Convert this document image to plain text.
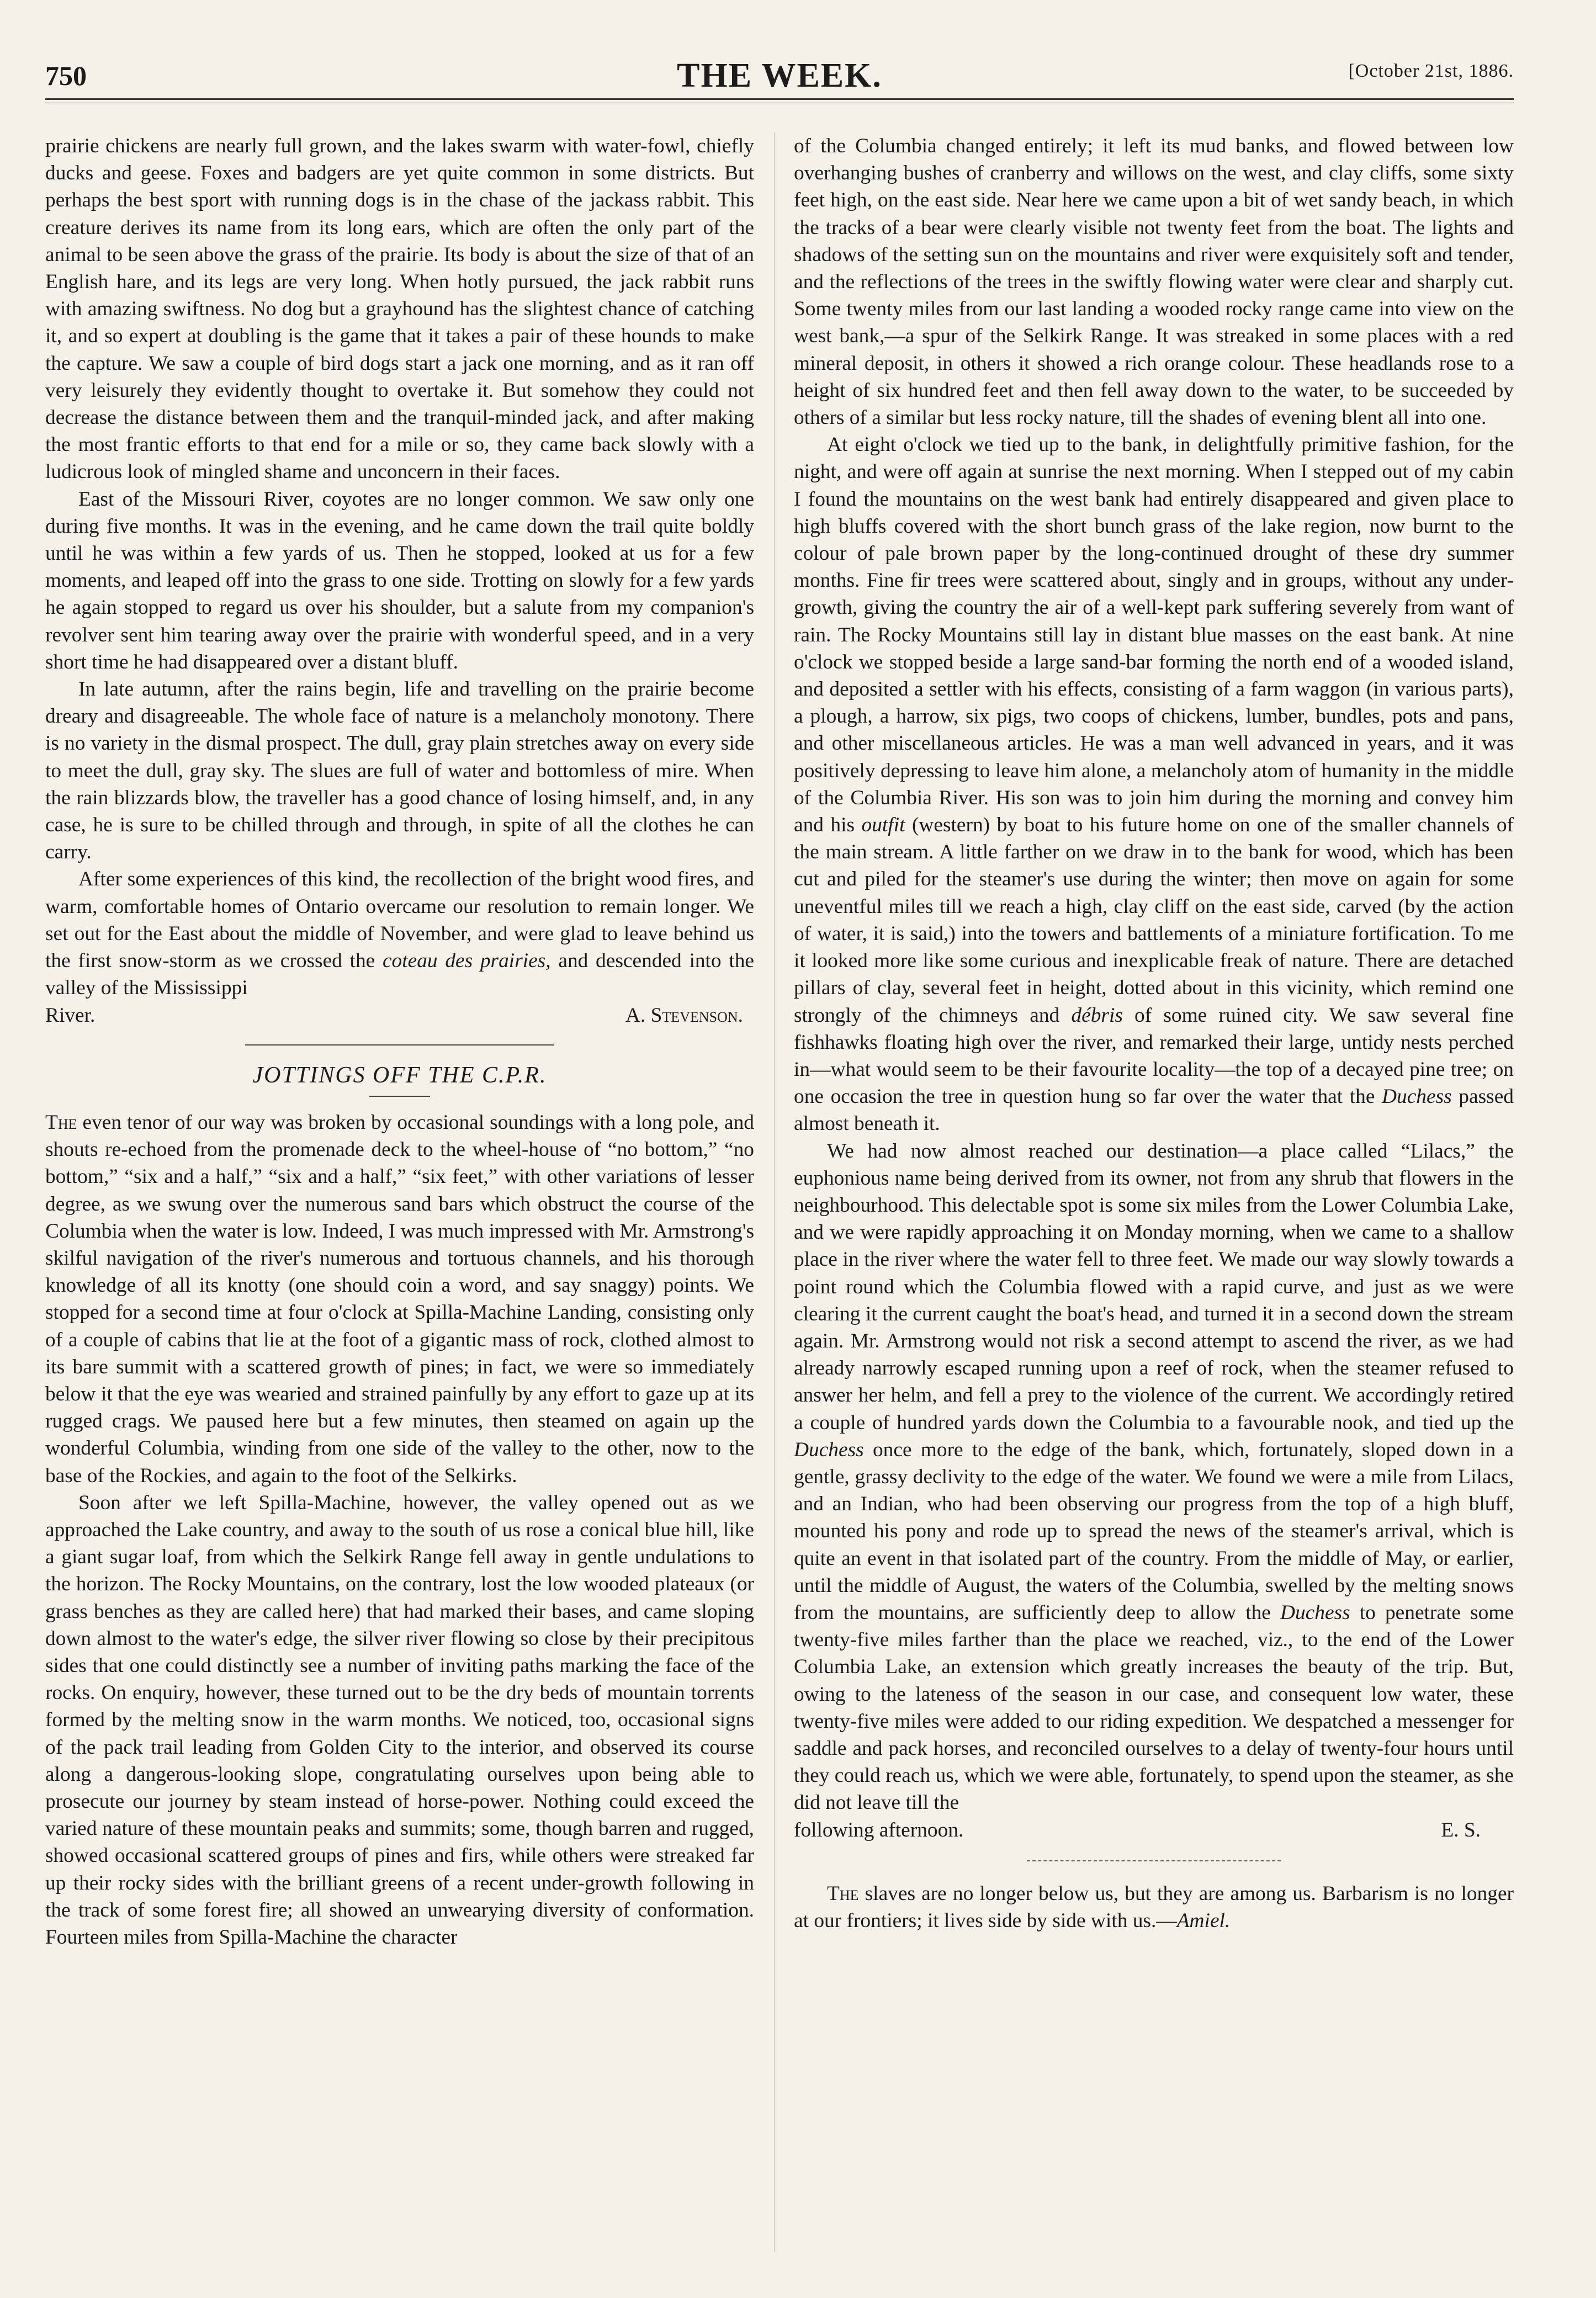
750	THE WEEK.	[October 21st, 1886.

prairie chickens are nearly full grown, and the lakes swarm with water-fowl, chiefly ducks and geese. Foxes and badgers are yet quite common in some districts. But perhaps the best sport with running dogs is in the chase of the jackass rabbit. This creature derives its name from its long ears, which are often the only part of the animal to be seen above the grass of the prairie. Its body is about the size of that of an English hare, and its legs are very long. When hotly pursued, the jack rabbit runs with amazing swiftness. No dog but a grayhound has the slightest chance of catching it, and so expert at doubling is the game that it takes a pair of these hounds to make the capture. We saw a couple of bird dogs start a jack one morning, and as it ran off very leisurely they evidently thought to overtake it. But somehow they could not decrease the distance between them and the tranquil-minded jack, and after making the most frantic efforts to that end for a mile or so, they came back slowly with a ludicrous look of mingled shame and unconcern in their faces.

East of the Missouri River, coyotes are no longer common. We saw only one during five months. It was in the evening, and he came down the trail quite boldly until he was within a few yards of us. Then he stopped, looked at us for a few moments, and leaped off into the grass to one side. Trotting on slowly for a few yards he again stopped to regard us over his shoulder, but a salute from my companion's revolver sent him tearing away over the prairie with wonderful speed, and in a very short time he had disappeared over a distant bluff.

In late autumn, after the rains begin, life and travelling on the prairie become dreary and disagreeable. The whole face of nature is a melancholy monotony. There is no variety in the dismal prospect. The dull, gray plain stretches away on every side to meet the dull, gray sky. The slues are full of water and bottomless of mire. When the rain blizzards blow, the traveller has a good chance of losing himself, and, in any case, he is sure to be chilled through and through, in spite of all the clothes he can carry.

After some experiences of this kind, the recollection of the bright wood fires, and warm, comfortable homes of Ontario overcame our resolution to remain longer. We set out for the East about the middle of November, and were glad to leave behind us the first snow-storm as we crossed the coteau des prairies, and descended into the valley of the Mississippi

River.	A. Stevenson.

JOTTINGS OFF THE C.P.R.

The even tenor of our way was broken by occasional soundings with a long pole, and shouts re-echoed from the promenade deck to the wheel-house of “no bottom,” “no bottom,” “six and a half,” “six and a half,” “six feet,” with other variations of lesser degree, as we swung over the numerous sand bars which obstruct the course of the Columbia when the water is low. Indeed, I was much impressed with Mr. Armstrong's skilful navigation of the river's numerous and tortuous channels, and his thorough knowledge of all its knotty (one should coin a word, and say snaggy) points. We stopped for a second time at four o'clock at Spilla-Machine Landing, consisting only of a couple of cabins that lie at the foot of a gigantic mass of rock, clothed almost to its bare summit with a scattered growth of pines; in fact, we were so immediately below it that the eye was wearied and strained painfully by any effort to gaze up at its rugged crags. We paused here but a few minutes, then steamed on again up the wonderful Columbia, winding from one side of the valley to the other, now to the base of the Rockies, and again to the foot of the Selkirks.

Soon after we left Spilla-Machine, however, the valley opened out as we approached the Lake country, and away to the south of us rose a conical blue hill, like a giant sugar loaf, from which the Selkirk Range fell away in gentle undulations to the horizon. The Rocky Mountains, on the contrary, lost the low wooded plateaux (or grass benches as they are called here) that had marked their bases, and came sloping down almost to the water's edge, the silver river flowing so close by their precipitous sides that one could distinctly see a number of inviting paths marking the face of the rocks. On enquiry, however, these turned out to be the dry beds of mountain torrents formed by the melting snow in the warm months. We noticed, too, occasional signs of the pack trail leading from Golden City to the interior, and observed its course along a dangerous-looking slope, congratulating ourselves upon being able to prosecute our journey by steam instead of horse-power. Nothing could exceed the varied nature of these mountain peaks and summits; some, though barren and rugged, showed occasional scattered groups of pines and firs, while others were streaked far up their rocky sides with the brilliant greens of a recent under-growth following in the track of some forest fire; all showed an unwearying diversity of conformation. Fourteen miles from Spilla-Machine the character

of the Columbia changed entirely; it left its mud banks, and flowed between low overhanging bushes of cranberry and willows on the west, and clay cliffs, some sixty feet high, on the east side. Near here we came upon a bit of wet sandy beach, in which the tracks of a bear were clearly visible not twenty feet from the boat. The lights and shadows of the setting sun on the mountains and river were exquisitely soft and tender, and the reflections of the trees in the swiftly flowing water were clear and sharply cut. Some twenty miles from our last landing a wooded rocky range came into view on the west bank,—a spur of the Selkirk Range. It was streaked in some places with a red mineral deposit, in others it showed a rich orange colour. These headlands rose to a height of six hundred feet and then fell away down to the water, to be succeeded by others of a similar but less rocky nature, till the shades of evening blent all into one.

At eight o'clock we tied up to the bank, in delightfully primitive fashion, for the night, and were off again at sunrise the next morning. When I stepped out of my cabin I found the mountains on the west bank had entirely disappeared and given place to high bluffs covered with the short bunch grass of the lake region, now burnt to the colour of pale brown paper by the long-continued drought of these dry summer months. Fine fir trees were scattered about, singly and in groups, without any under-growth, giving the country the air of a well-kept park suffering severely from want of rain. The Rocky Mountains still lay in distant blue masses on the east bank. At nine o'clock we stopped beside a large sand-bar forming the north end of a wooded island, and deposited a settler with his effects, consisting of a farm waggon (in various parts), a plough, a harrow, six pigs, two coops of chickens, lumber, bundles, pots and pans, and other miscellaneous articles. He was a man well advanced in years, and it was positively depressing to leave him alone, a melancholy atom of humanity in the middle of the Columbia River. His son was to join him during the morning and convey him and his outfit (western) by boat to his future home on one of the smaller channels of the main stream. A little farther on we draw in to the bank for wood, which has been cut and piled for the steamer's use during the winter; then move on again for some uneventful miles till we reach a high, clay cliff on the east side, carved (by the action of water, it is said,) into the towers and battlements of a miniature fortification. To me it looked more like some curious and inexplicable freak of nature. There are detached pillars of clay, several feet in height, dotted about in this vicinity, which remind one strongly of the chimneys and débris of some ruined city. We saw several fine fishhawks floating high over the river, and remarked their large, untidy nests perched in—what would seem to be their favourite locality—the top of a decayed pine tree; on one occasion the tree in question hung so far over the water that the Duchess passed almost beneath it.

We had now almost reached our destination—a place called “Lilacs,” the euphonious name being derived from its owner, not from any shrub that flowers in the neighbourhood. This delectable spot is some six miles from the Lower Columbia Lake, and we were rapidly approaching it on Monday morning, when we came to a shallow place in the river where the water fell to three feet. We made our way slowly towards a point round which the Columbia flowed with a rapid curve, and just as we were clearing it the current caught the boat's head, and turned it in a second down the stream again. Mr. Armstrong would not risk a second attempt to ascend the river, as we had already narrowly escaped running upon a reef of rock, when the steamer refused to answer her helm, and fell a prey to the violence of the current. We accordingly retired a couple of hundred yards down the Columbia to a favourable nook, and tied up the Duchess once more to the edge of the bank, which, fortunately, sloped down in a gentle, grassy declivity to the edge of the water. We found we were a mile from Lilacs, and an Indian, who had been observing our progress from the top of a high bluff, mounted his pony and rode up to spread the news of the steamer's arrival, which is quite an event in that isolated part of the country. From the middle of May, or earlier, until the middle of August, the waters of the Columbia, swelled by the melting snows from the mountains, are sufficiently deep to allow the Duchess to penetrate some twenty-five miles farther than the place we reached, viz., to the end of the Lower Columbia Lake, an extension which greatly increases the beauty of the trip. But, owing to the lateness of the season in our case, and consequent low water, these twenty-five miles were added to our riding expedition. We despatched a messenger for saddle and pack horses, and reconciled ourselves to a delay of twenty-four hours until they could reach us, which we were able, fortunately, to spend upon the steamer, as she did not leave till the

following afternoon.	E. S.

The slaves are no longer below us, but they are among us. Barbarism is no longer at our frontiers; it lives side by side with us.—Amiel.
